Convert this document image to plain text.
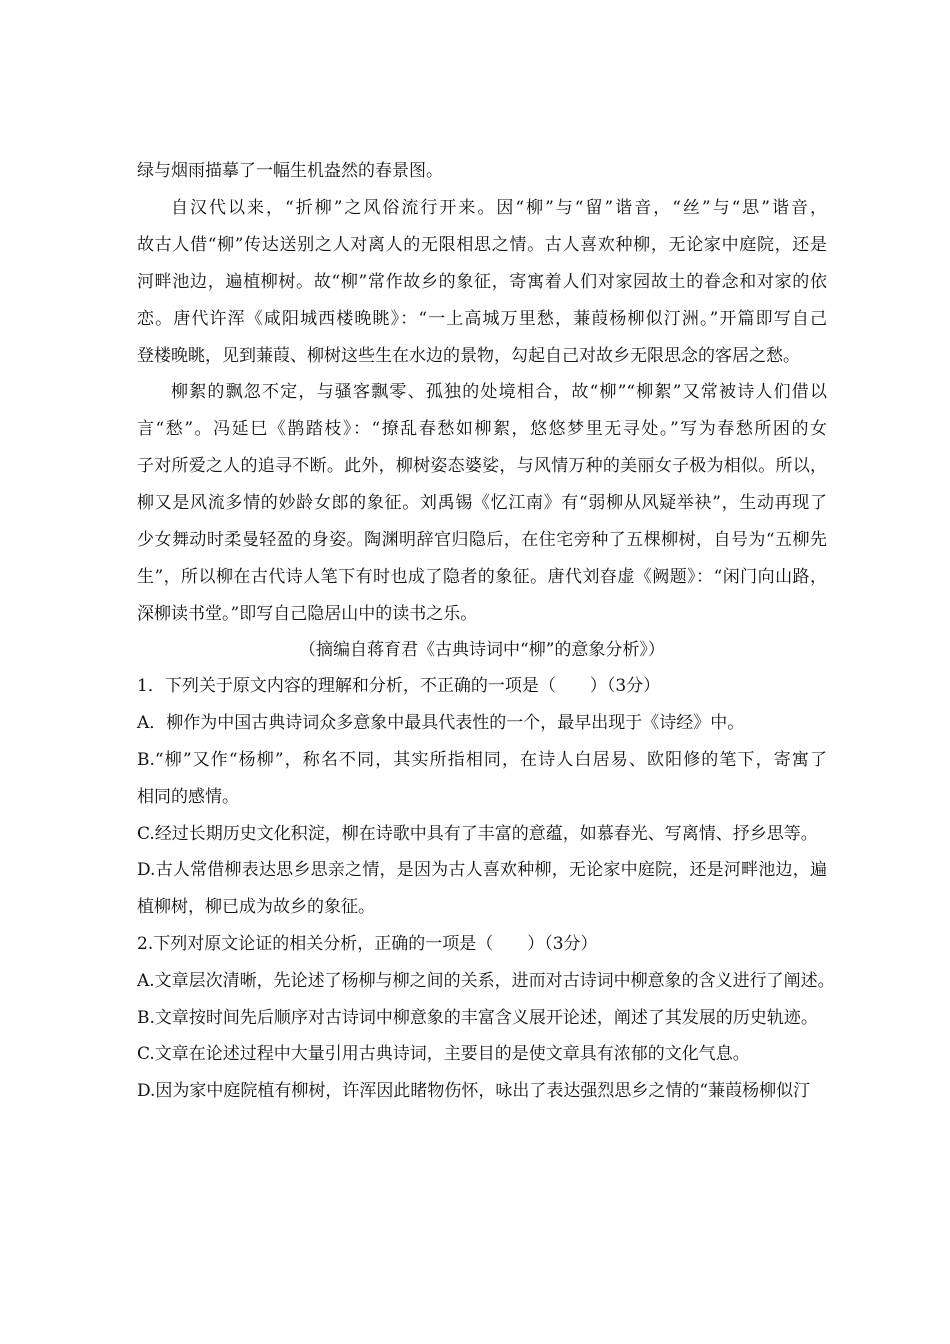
绿与烟雨描摹了一幅生机盎然的春景图。
自汉代以来，“折柳”之风俗流行开来。因“柳”与“留”谐音，“丝”与“思”谐音，
故古人借“柳”传达送别之人对离人的无限相思之情。古人喜欢种柳，无论家中庭院，还是
河畔池边，遍植柳树。故“柳”常作故乡的象征，寄寓着人们对家园故土的眷念和对家的依
恋。唐代许浑《咸阳城西楼晚眺》：“一上高城万里愁，蒹葭杨柳似汀洲。”开篇即写自己
登楼晚眺，见到蒹葭、柳树这些生在水边的景物，勾起自己对故乡无限思念的客居之愁。
柳絮的飘忽不定，与骚客飘零、孤独的处境相合，故“柳”“柳絮”又常被诗人们借以
言“愁”。冯延巳《鹊踏枝》：“撩乱春愁如柳絮，悠悠梦里无寻处。”写为春愁所困的女
子对所爱之人的追寻不断。此外，柳树姿态婆娑，与风情万种的美丽女子极为相似。所以，
柳又是风流多情的妙龄女郎的象征。刘禹锡《忆江南》有“弱柳从风疑举袂”，生动再现了
少女舞动时柔曼轻盈的身姿。陶渊明辞官归隐后，在住宅旁种了五棵柳树，自号为“五柳先
生”，所以柳在古代诗人笔下有时也成了隐者的象征。唐代刘昚虚《阙题》：“闲门向山路，
深柳读书堂。”即写自己隐居山中的读书之乐。
（摘编自蒋育君《古典诗词中“柳”的意象分析》）
1．下列关于原文内容的理解和分析，不正确的一项是（　　）（3分）
A．柳作为中国古典诗词众多意象中最具代表性的一个，最早出现于《诗经》中。
B.“柳”又作“杨柳”，称名不同，其实所指相同，在诗人白居易、欧阳修的笔下，寄寓了
相同的感情。
C.经过长期历史文化积淀，柳在诗歌中具有了丰富的意蕴，如慕春光、写离情、抒乡思等。
D.古人常借柳表达思乡思亲之情，是因为古人喜欢种柳，无论家中庭院，还是河畔池边，遍
植柳树，柳已成为故乡的象征。
2.下列对原文论证的相关分析，正确的一项是（　　）（3分）
A.文章层次清晰，先论述了杨柳与柳之间的关系，进而对古诗词中柳意象的含义进行了阐述。
B.文章按时间先后顺序对古诗词中柳意象的丰富含义展开论述，阐述了其发展的历史轨迹。
C.文章在论述过程中大量引用古典诗词，主要目的是使文章具有浓郁的文化气息。
D.因为家中庭院植有柳树，许浑因此睹物伤怀，咏出了表达强烈思乡之情的“蒹葭杨柳似汀
